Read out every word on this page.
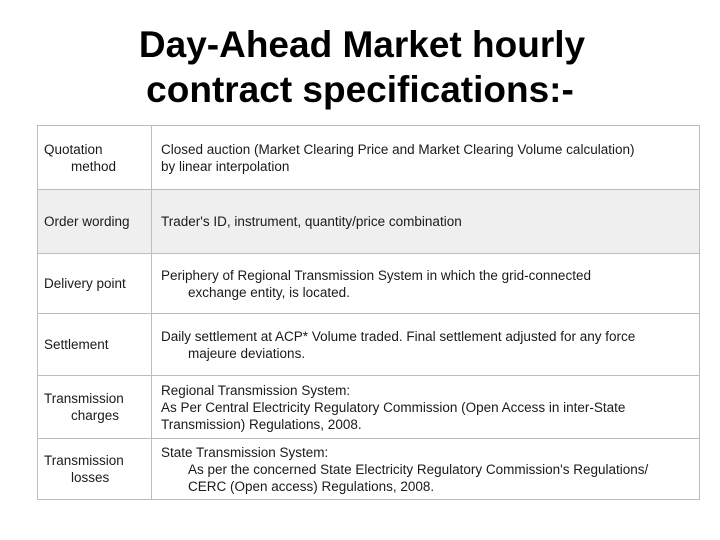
Day-Ahead Market hourly
contract specifications:-
Quotation
method	Closed auction (Market Clearing Price and Market Clearing Volume calculation)
by linear interpolation

Order wording	Trader's ID, instrument, quantity/price combination

Delivery point	Periphery of Regional Transmission System in which the grid-connected
exchange entity, is located.

Settlement	Daily settlement at ACP* Volume traded. Final settlement adjusted for any force
majeure deviations.

Transmission
charges	Regional Transmission System:
As Per Central Electricity Regulatory Commission (Open Access in inter-State
Transmission) Regulations, 2008.

Transmission
losses	State Transmission System:
As per the concerned State Electricity Regulatory Commission's Regulations/
CERC (Open access) Regulations, 2008.
